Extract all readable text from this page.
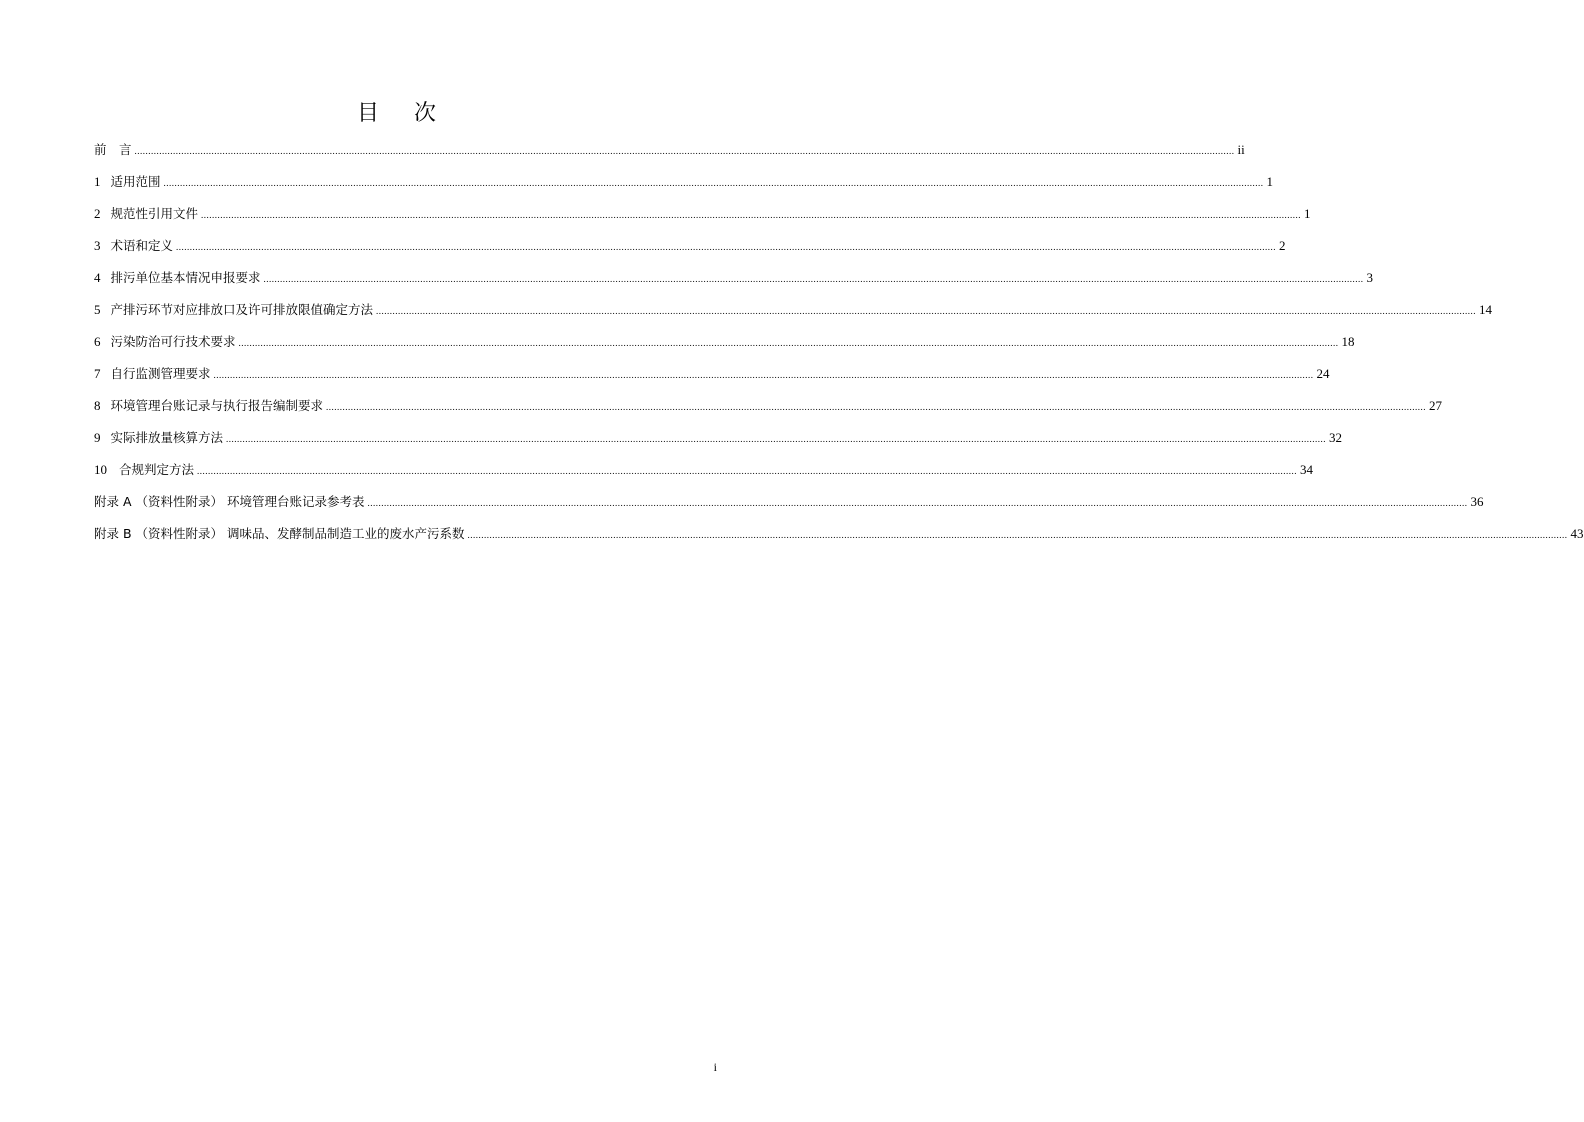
目 次
前　言 ................................................................................................................................................................................................................................................................................................................................................................................................................ ii
1 适用范围 ................................................................................................................................................................................................................................................................................................................................................................................................................ 1
2 规范性引用文件 ................................................................................................................................................................................................................................................................................................................................................................................................................ 1
3 术语和定义 ................................................................................................................................................................................................................................................................................................................................................................................................................ 2
4 排污单位基本情况申报要求 ................................................................................................................................................................................................................................................................................................................................................................................................................ 3
5 产排污环节对应排放口及许可排放限值确定方法 ................................................................................................................................................................................................................................................................................................................................................................................................................ 14
6 污染防治可行技术要求 ................................................................................................................................................................................................................................................................................................................................................................................................................ 18
7 自行监测管理要求 ................................................................................................................................................................................................................................................................................................................................................................................................................ 24
8 环境管理台账记录与执行报告编制要求 ................................................................................................................................................................................................................................................................................................................................................................................................................ 27
9 实际排放量核算方法 ................................................................................................................................................................................................................................................................................................................................................................................................................ 32
10 合规判定方法 ................................................................................................................................................................................................................................................................................................................................................................................................................ 34
附录 A （资料性附录） 环境管理台账记录参考表 ................................................................................................................................................................................................................................................................................................................................................................................................................ 36
附录 B （资料性附录） 调味品、发酵制品制造工业的废水产污系数 ................................................................................................................................................................................................................................................................................................................................................................................................................ 43
i
